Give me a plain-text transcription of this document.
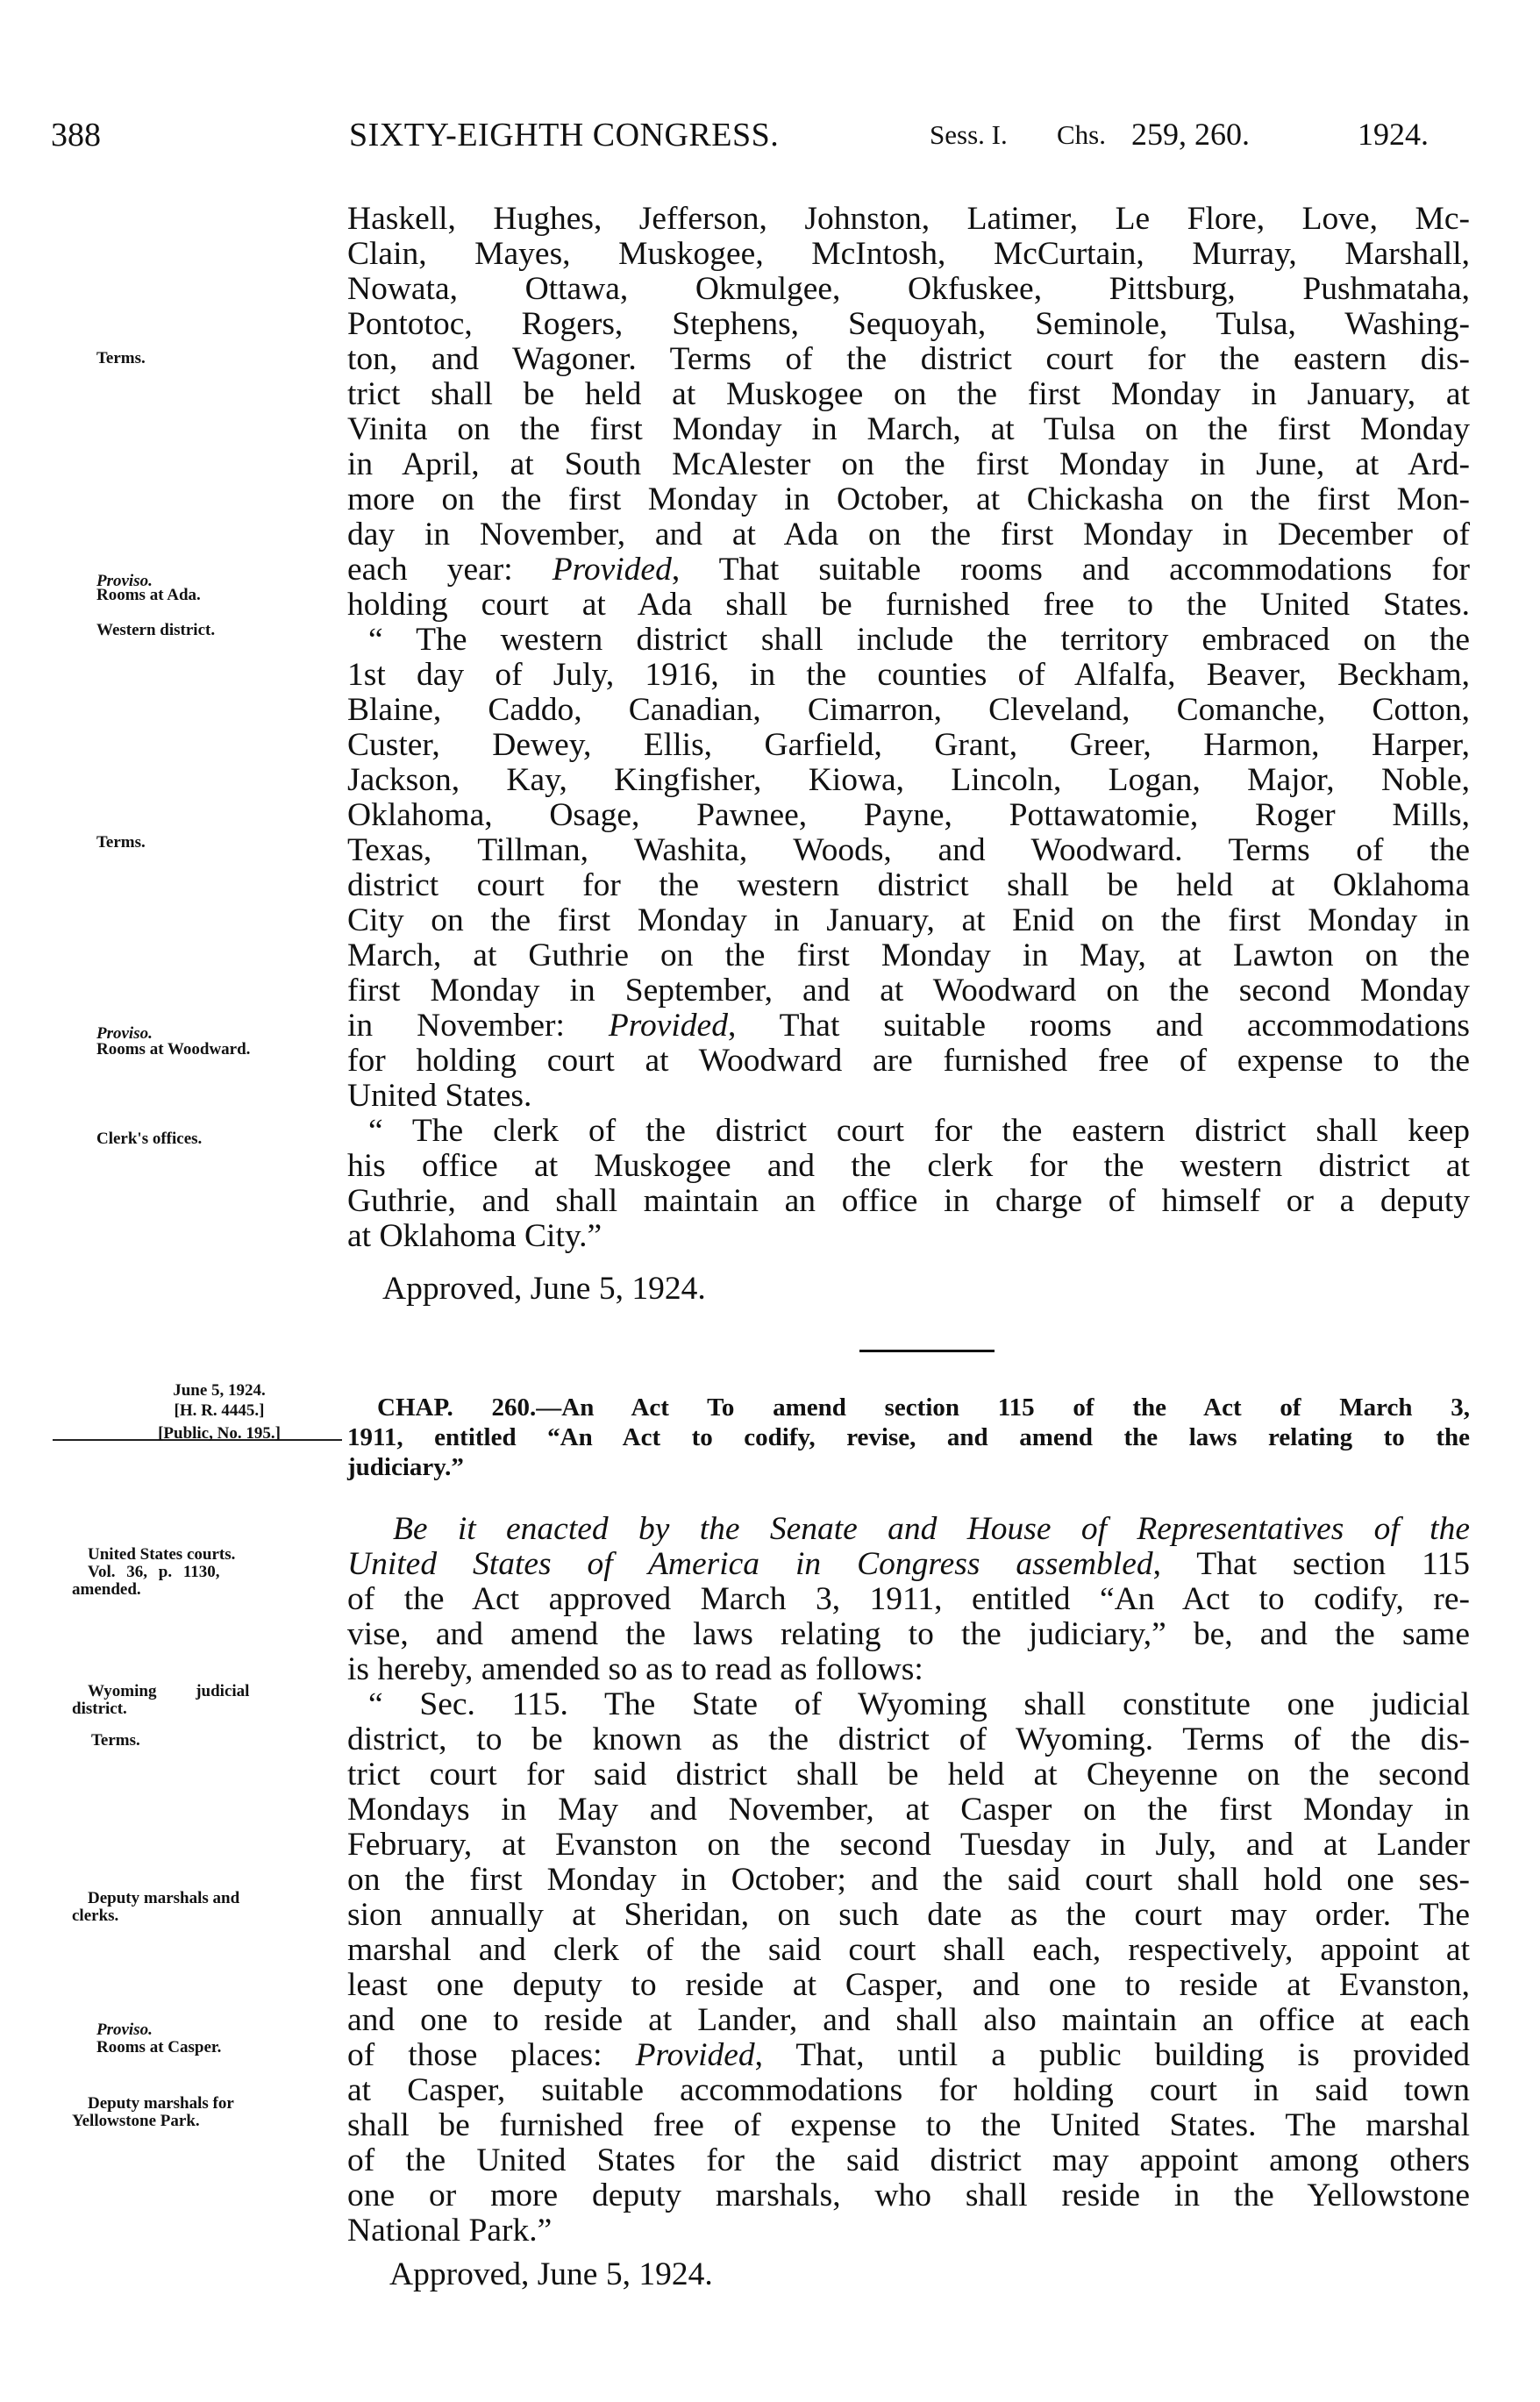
388	SIXTY-EIGHTH CONGRESS.	Sess. I. Chs. 259, 260.	1924.
Haskell, Hughes, Jefferson, Johnston, Latimer, Le Flore, Love, Mc-
Clain, Mayes, Muskogee, McIntosh, McCurtain, Murray, Marshall,
Nowata, Ottawa, Okmulgee, Okfuskee, Pittsburg, Pushmataha,
Pontotoc, Rogers, Stephens, Sequoyah, Seminole, Tulsa, Washing-
ton, and Wagoner. Terms of the district court for the eastern dis-
trict shall be held at Muskogee on the first Monday in January, at
Vinita on the first Monday in March, at Tulsa on the first Monday
in April, at South McAlester on the first Monday in June, at Ard-
more on the first Monday in October, at Chickasha on the first Mon-
day in November, and at Ada on the first Monday in December of
each year: Provided, That suitable rooms and accommodations for
holding court at Ada shall be furnished free to the United States.
“ The western district shall include the territory embraced on the
1st day of July, 1916, in the counties of Alfalfa, Beaver, Beckham,
Blaine, Caddo, Canadian, Cimarron, Cleveland, Comanche, Cotton,
Custer, Dewey, Ellis, Garfield, Grant, Greer, Harmon, Harper,
Jackson, Kay, Kingfisher, Kiowa, Lincoln, Logan, Major, Noble,
Oklahoma, Osage, Pawnee, Payne, Pottawatomie, Roger Mills,
Texas, Tillman, Washita, Woods, and Woodward. Terms of the
district court for the western district shall be held at Oklahoma
City on the first Monday in January, at Enid on the first Monday in
March, at Guthrie on the first Monday in May, at Lawton on the
first Monday in September, and at Woodward on the second Monday
in November: Provided, That suitable rooms and accommodations
for holding court at Woodward are furnished free of expense to the
United States.
“ The clerk of the district court for the eastern district shall keep
his office at Muskogee and the clerk for the western district at
Guthrie, and shall maintain an office in charge of himself or a deputy
at Oklahoma City.”
Approved, June 5, 1924.
June 5, 1924.
[H. R. 4445.]
[Public, No. 195.]
CHAP. 260.—An Act To amend section 115 of the Act of March 3,
1911, entitled “An Act to codify, revise, and amend the laws relating to the
judiciary.”
Be it enacted by the Senate and House of Representatives of the
United States of America in Congress assembled, That section 115
of the Act approved March 3, 1911, entitled “An Act to codify, re-
vise, and amend the laws relating to the judiciary,” be, and the same
is hereby, amended so as to read as follows:
“ Sec. 115. The State of Wyoming shall constitute one judicial
district, to be known as the district of Wyoming. Terms of the dis-
trict court for said district shall be held at Cheyenne on the second
Mondays in May and November, at Casper on the first Monday in
February, at Evanston on the second Tuesday in July, and at Lander
on the first Monday in October; and the said court shall hold one ses-
sion annually at Sheridan, on such date as the court may order. The
marshal and clerk of the said court shall each, respectively, appoint at
least one deputy to reside at Casper, and one to reside at Evanston,
and one to reside at Lander, and shall also maintain an office at each
of those places: Provided, That, until a public building is provided
at Casper, suitable accommodations for holding court in said town
shall be furnished free of expense to the United States. The marshal
of the United States for the said district may appoint among others
one or more deputy marshals, who shall reside in the Yellowstone
National Park.”
Approved, June 5, 1924.
Terms.
Proviso.
Rooms at Ada.
Western district.
Terms.
Proviso.
Rooms at Woodward.
Clerk's offices.
United States courts.
Vol. 36, p. 1130,
amended.
Wyoming judicial
district.
Terms.
Deputy marshals and
clerks.
Proviso.
Rooms at Casper.
Deputy marshals for
Yellowstone Park.
